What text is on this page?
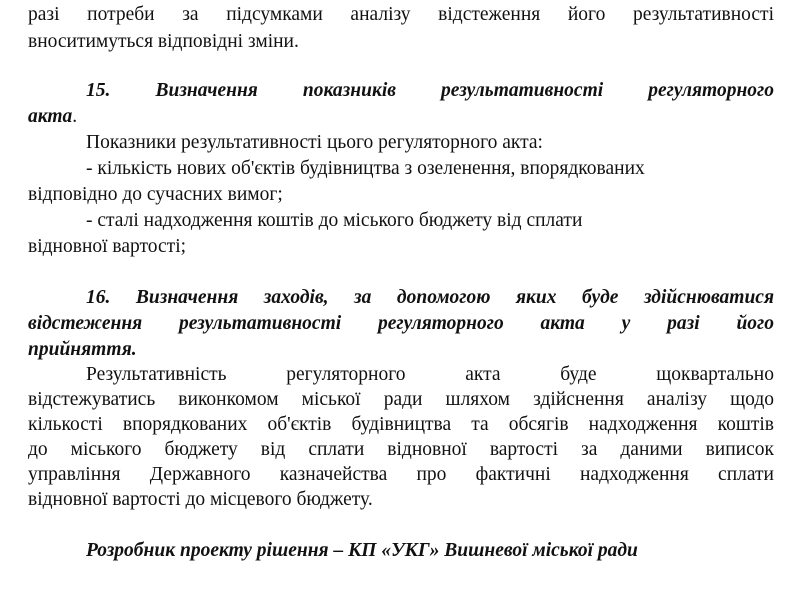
разі потреби за підсумками аналізу відстеження його результативності
вноситимуться відповідні зміни.
15. Визначення показників результативності регуляторного
акта.
Показники результативності цього регуляторного акта:
- кількість нових об'єктів будівництва з озеленення, впорядкованих
відповідно до сучасних вимог;
- сталі надходження коштів до міського бюджету від сплати
відновної вартості;
16. Визначення заходів, за допомогою яких буде здійснюватися
відстеження результативності регуляторного акта у разі його
прийняття.
Результативність регуляторного акта буде щоквартально
відстежуватись виконкомом міської ради шляхом здійснення аналізу щодо
кількості впорядкованих об'єктів будівництва та обсягів надходження коштів
до міського бюджету від сплати відновної вартості за даними виписок
управління Державного казначейства про фактичні надходження сплати
відновної вартості до місцевого бюджету.
Розробник проекту рішення – КП «УКГ» Вишневої міської ради
